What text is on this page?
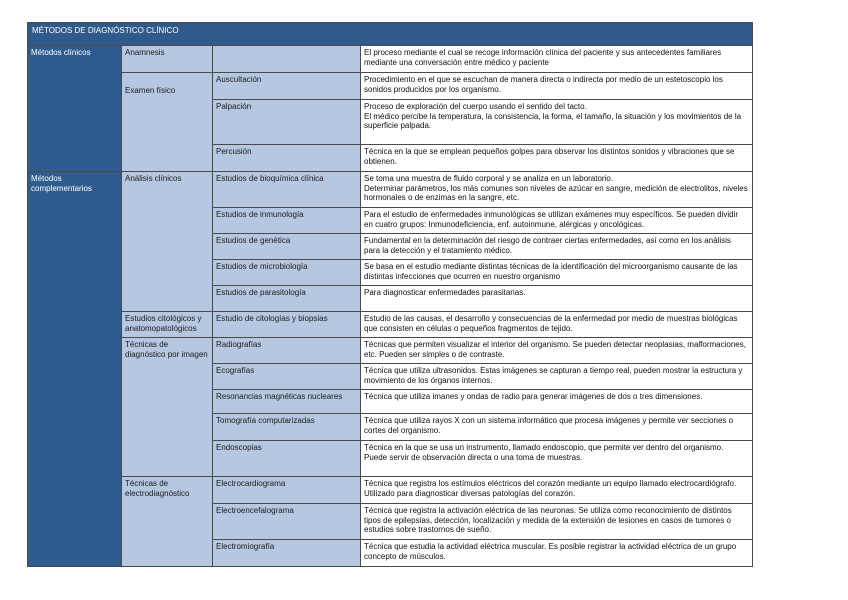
MÉTODOS DE DIAGNÓSTICO CLÍNICO			
Métodos clínicos	Anamnesis		El proceso mediante el cual se recoge información clínica del paciente y sus antecedentes familiares mediante una conversación entre médico y paciente

	Examen físico	Auscultación	Procedimiento en el que se escuchan de manera directa o indirecta por medio de un estetoscopio los sonidos producidos por los organismo.
		Palpación	Proceso de exploración del cuerpo usando el sentido del tacto.
El médico percibe la temperatura, la consistencia, la forma, el tamaño, la situación y los movimientos de la superficie palpada.
		Percusión	Técnica en la que se emplean pequeños golpes para observar los distintos sonidos y vibraciones que se obtienen.
Métodos complementarios	Análisis clínicos	Estudios de bioquímica clínica	Se toma una muestra de fluido corporal y se analiza en un laboratorio.
Determinar parámetros, los más comunes son niveles de azúcar en sangre, medición de electrolitos, niveles hormonales o de enzimas en la sangre, etc.
		Estudios de inmunología	Para el estudio de enfermedades inmunológicas se utilizan exámenes muy específicos. Se pueden dividir en cuatro grupos: Inmunodeficiencia, enf. autoinmune, alérgicas y oncológicas.
		Estudios de genética	Fundamental en la determinación del riesgo de contraer ciertas enfermedades, así como en los análisis para la detección y el tratamiento médico.
		Estudios de microbiología	Se basa en el estudio mediante distintas técnicas de la identificación del microorganismo causante de las distintas infecciones que ocurren en nuestro organismo
		Estudios de parasitología	Para diagnosticar enfermedades parasitarias.
	Estudios citológicos y anatomopatológicos	Estudio de citologías y biopsias	Estudio de las causas, el desarrollo y consecuencias de la enfermedad por medio de muestras biológicas que consisten en células o pequeños fragmentos de tejido.
	Técnicas de diagnóstico por imagen	Radiografías	Técnicas que permiten visualizar el interior del organismo. Se pueden detectar neoplasias, malformaciones, etc. Pueden ser simples o de contraste.
		Ecografías	Técnica que utiliza ultrasonidos. Estas imágenes se capturan a tiempo real, pueden mostrar la estructura y movimiento de los órganos internos.
		Resonancias magnéticas nucleares	Técnica que utiliza imanes y ondas de radio para generar imágenes de dos o tres dimensiones.
		Tomografía computarizadas	Técnica que utiliza rayos X con un sistema informático que procesa imágenes y permite ver secciones o cortes del organismo.
		Endoscopias	Técnica en la que se usa un instrumento, llamado endoscopio, que permite ver dentro del organismo.
Puede servir de observación directa o una toma de muestras.
	Técnicas de electrodiagnóstico	Electrocardiograma	Técnica que registra los estímulos eléctricos del corazón mediante un equipo llamado electrocardiógrafo. Utilizado para diagnosticar diversas patologías del corazón.
		Electroencefalograma	Técnica que registra la activación eléctrica de las neuronas. Se utiliza como reconocimiento de distintos tipos de epilepsias, detección, localización y medida de la extensión de lesiones en casos de tumores o estudios sobre trastornos de sueño.
		Electromiografía	Técnica que estudia la actividad eléctrica muscular. Es posible registrar la actividad eléctrica de un grupo concepto de músculos.
